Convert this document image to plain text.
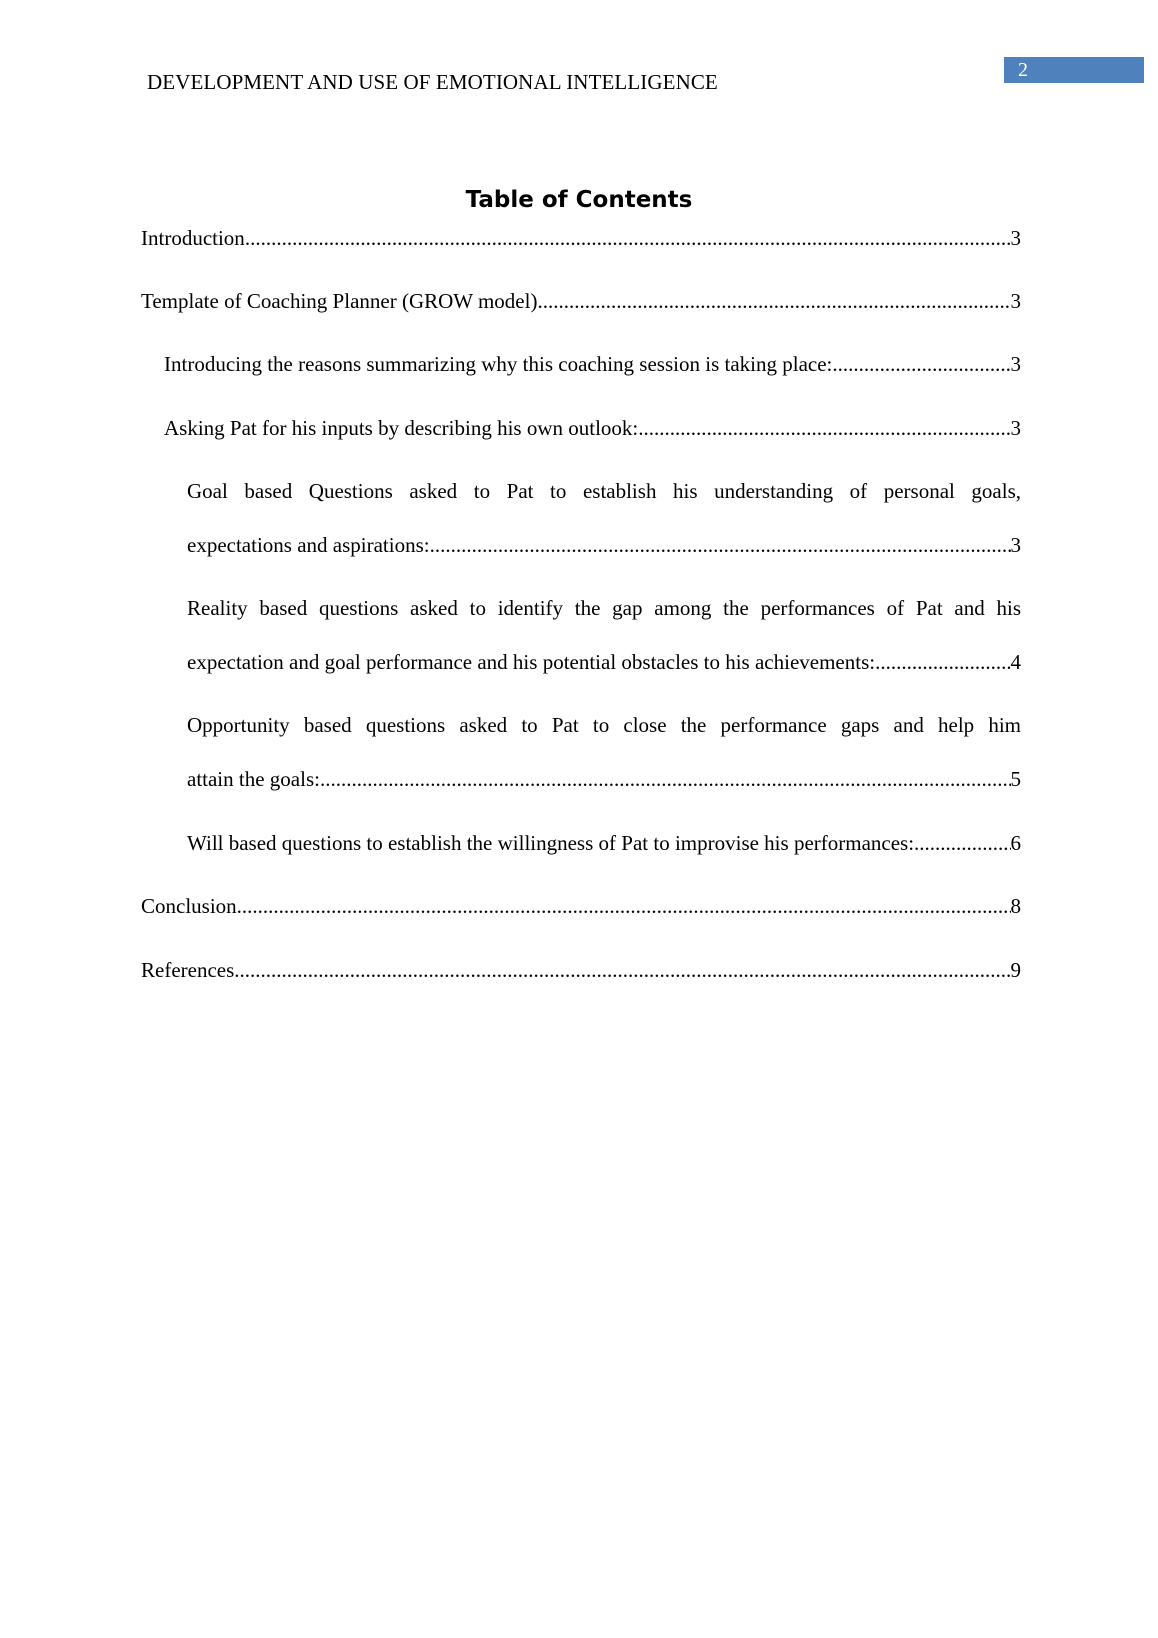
DEVELOPMENT AND USE OF EMOTIONAL INTELLIGENCE	2
Table of Contents
Introduction .....	3
Template of Coaching Planner (GROW model) .....	3
Introducing the reasons summarizing why this coaching session is taking place: .....	3
Asking Pat for his inputs by describing his own outlook: .....	3
Goal based Questions asked to Pat to establish his understanding of personal goals,
expectations and aspirations: .....	3
Reality based questions asked to identify the gap among the performances of Pat and his
expectation and goal performance and his potential obstacles to his achievements: .....	4
Opportunity based questions asked to Pat to close the performance gaps and help him
attain the goals: .....	5
Will based questions to establish the willingness of Pat to improvise his performances: .....	6
Conclusion .....	8
References .....	9
